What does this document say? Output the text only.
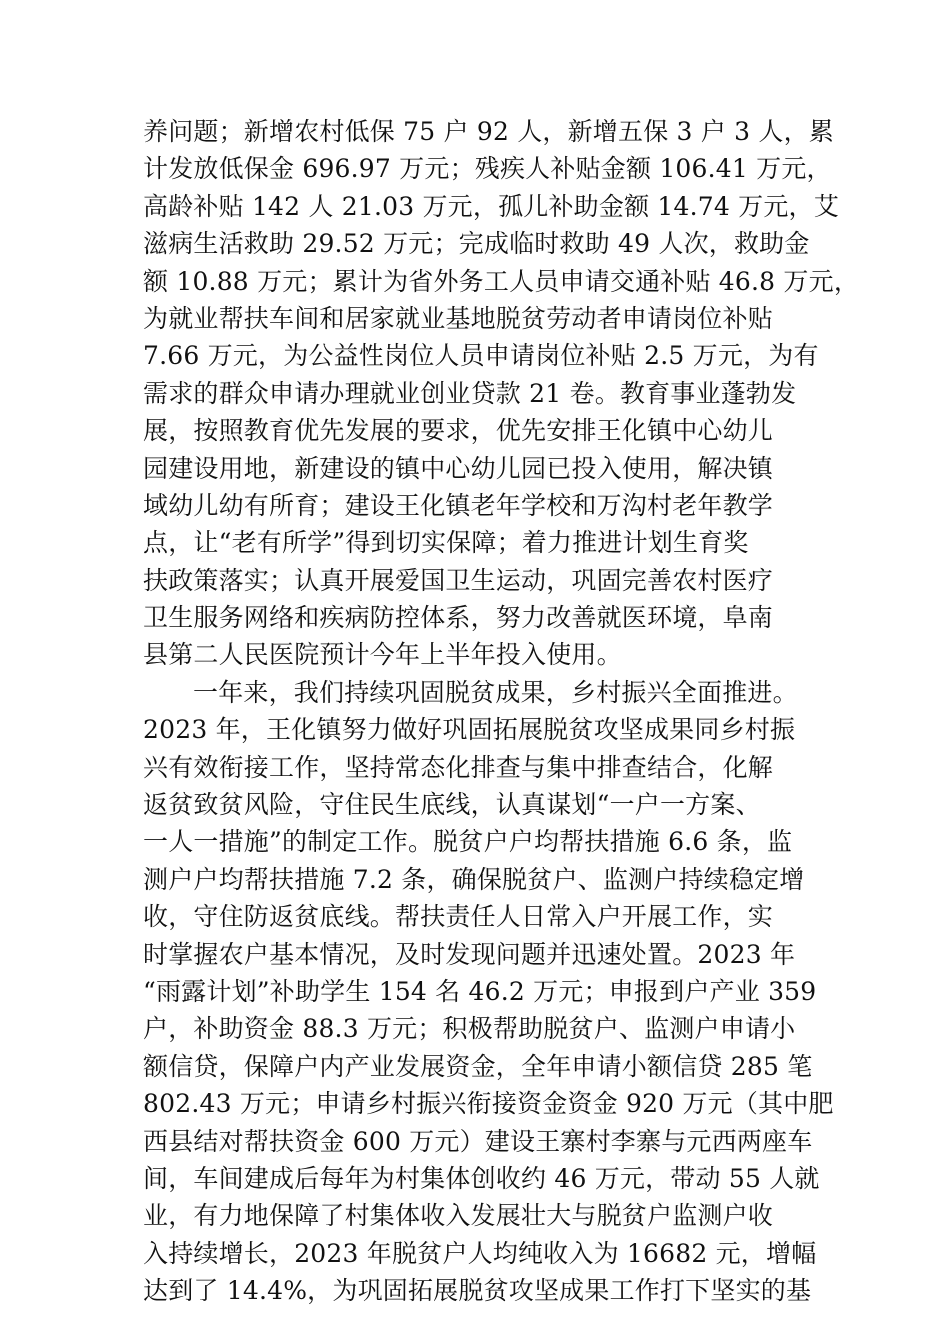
养问题；新增农村低保 75 户 92 人，新增五保 3 户 3 人，累
计发放低保金 696.97 万元；残疾人补贴金额 106.41 万元，
高龄补贴 142 人 21.03 万元，孤儿补助金额 14.74 万元，艾
滋病生活救助 29.52 万元；完成临时救助 49 人次，救助金
额 10.88 万元；累计为省外务工人员申请交通补贴 46.8 万元，
为就业帮扶车间和居家就业基地脱贫劳动者申请岗位补贴
7.66 万元，为公益性岗位人员申请岗位补贴 2.5 万元，为有
需求的群众申请办理就业创业贷款 21 卷。教育事业蓬勃发
展，按照教育优先发展的要求，优先安排王化镇中心幼儿
园建设用地，新建设的镇中心幼儿园已投入使用，解决镇
域幼儿幼有所育；建设王化镇老年学校和万沟村老年教学
点，让“老有所学”得到切实保障；着力推进计划生育奖
扶政策落实；认真开展爱国卫生运动，巩固完善农村医疗
卫生服务网络和疾病防控体系，努力改善就医环境，阜南
县第二人民医院预计今年上半年投入使用。
一年来，我们持续巩固脱贫成果，乡村振兴全面推进。
2023 年，王化镇努力做好巩固拓展脱贫攻坚成果同乡村振
兴有效衔接工作，坚持常态化排查与集中排查结合，化解
返贫致贫风险，守住民生底线，认真谋划“一户一方案、
一人一措施”的制定工作。脱贫户户均帮扶措施 6.6 条，监
测户户均帮扶措施 7.2 条，确保脱贫户、监测户持续稳定增
收，守住防返贫底线。帮扶责任人日常入户开展工作，实
时掌握农户基本情况，及时发现问题并迅速处置。2023 年
“雨露计划”补助学生 154 名 46.2 万元；申报到户产业 359
户，补助资金 88.3 万元；积极帮助脱贫户、监测户申请小
额信贷，保障户内产业发展资金，全年申请小额信贷 285 笔
802.43 万元；申请乡村振兴衔接资金资金 920 万元（其中肥
西县结对帮扶资金 600 万元）建设王寨村李寨与元西两座车
间，车间建成后每年为村集体创收约 46 万元，带动 55 人就
业，有力地保障了村集体收入发展壮大与脱贫户监测户收
入持续增长，2023 年脱贫户人均纯收入为 16682 元，增幅
达到了 14.4%，为巩固拓展脱贫攻坚成果工作打下坚实的基
